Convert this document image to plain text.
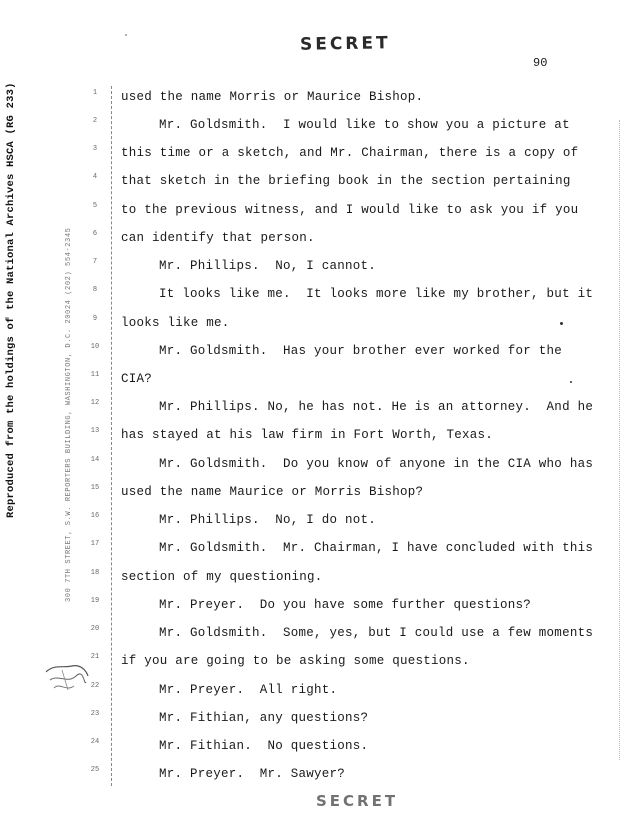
SECRET
90
Reproduced from the holdings of the National Archives HSCA (RG 233)	300 7TH STREET, S.W. REPORTERS BUILDING, WASHINGTON, D.C. 20024 (202) 554-2345
1	used the name Morris or Maurice Bishop.
2	Mr. Goldsmith.  I would like to show you a picture at
3	this time or a sketch, and Mr. Chairman, there is a copy of
4	that sketch in the briefing book in the section pertaining
5	to the previous witness, and I would like to ask you if you
6	can identify that person.
7	Mr. Phillips.  No, I cannot.
8	It looks like me.  It looks more like my brother, but it
9	looks like me.
10	Mr. Goldsmith.  Has your brother ever worked for the
11	CIA?
12	Mr. Phillips. No, he has not. He is an attorney.  And he
13	has stayed at his law firm in Fort Worth, Texas.
14	Mr. Goldsmith.  Do you know of anyone in the CIA who has
15	used the name Maurice or Morris Bishop?
16	Mr. Phillips.  No, I do not.
17	Mr. Goldsmith.  Mr. Chairman, I have concluded with this
18	section of my questioning.
19	Mr. Preyer.  Do you have some further questions?
20	Mr. Goldsmith.  Some, yes, but I could use a few moments
21	if you are going to be asking some questions.
22	Mr. Preyer.  All right.
23	Mr. Fithian, any questions?
24	Mr. Fithian.  No questions.
25	Mr. Preyer.  Mr. Sawyer?
SECRET
